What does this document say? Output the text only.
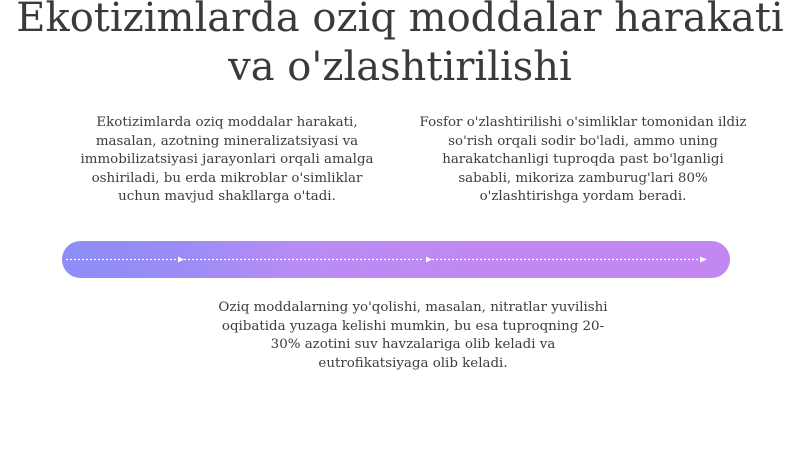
Ekotizimlarda oziq moddalar harakati va o'zlashtirilishi

Ekotizimlarda oziq moddalar harakati, masalan, azotning mineralizatsiyasi va immobilizatsiyasi jarayonlari orqali amalga oshiriladi, bu erda mikroblar o'simliklar uchun mavjud shakllarga o'tadi.

Fosfor o'zlashtirilishi o'simliklar tomonidan ildiz so'rish orqali sodir bo'ladi, ammo uning harakatchanligi tuproqda past bo'lganligi sababli, mikoriza zamburug'lari 80% o'zlashtirishga yordam beradi.

Oziq moddalarning yo'qolishi, masalan, nitratlar yuvilishi oqibatida yuzaga kelishi mumkin, bu esa tuproqning 20-30% azotini suv havzalariga olib keladi va eutrofikatsiyaga olib keladi.
